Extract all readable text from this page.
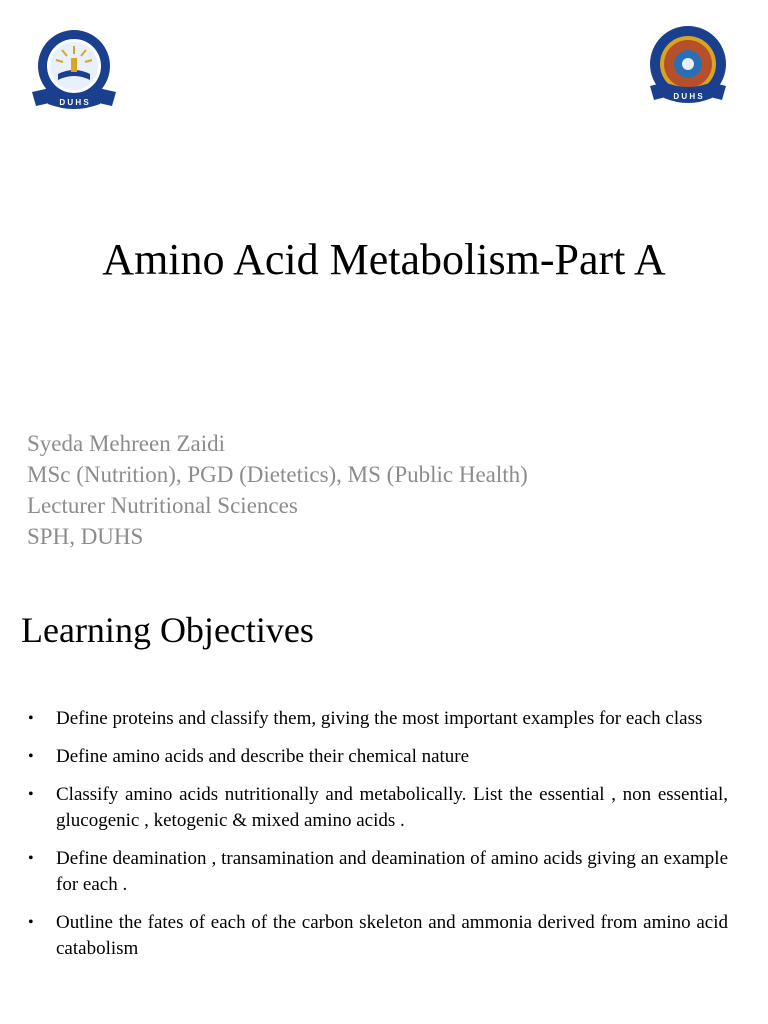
D U H S
D U H S
Amino Acid Metabolism-Part A
Syeda Mehreen Zaidi
MSc (Nutrition), PGD (Dietetics), MS (Public Health)
Lecturer Nutritional Sciences
SPH, DUHS
Learning Objectives
• Define proteins and classify them, giving the most important examples for each class
• Define amino acids and describe their chemical nature
• Classify amino acids nutritionally and metabolically. List the essential , non essential, glucogenic , ketogenic & mixed amino acids .
• Define deamination , transamination and deamination of amino acids giving an example for each .
• Outline the fates of each of the carbon skeleton and ammonia derived from amino acid catabolism
